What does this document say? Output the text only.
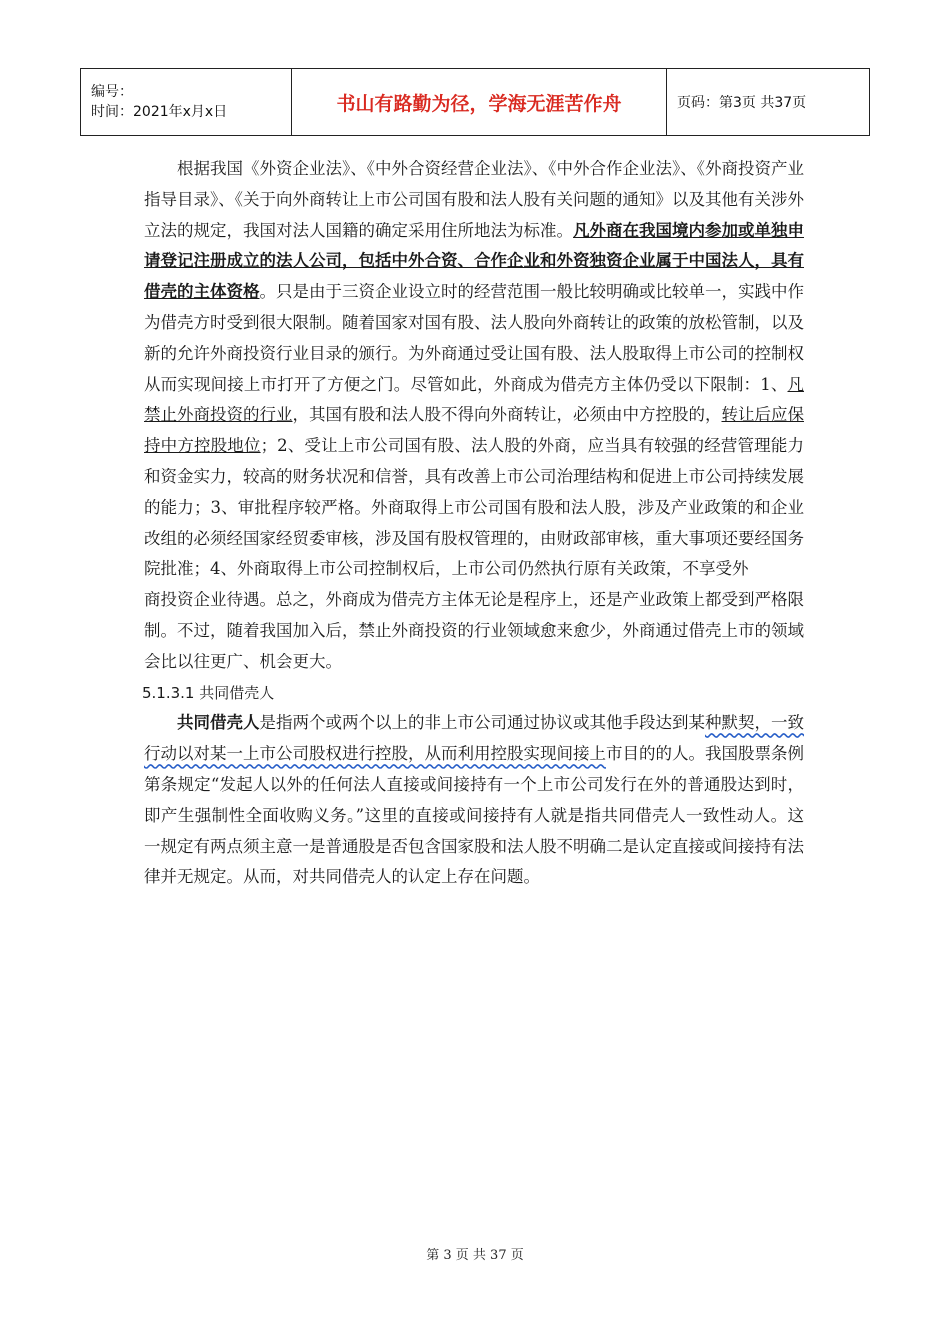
编号：
时间：2021年x月x日	书山有路勤为径，学海无涯苦作舟	页码：第3页 共37页

根据我国《外资企业法》、《中外合资经营企业法》、《中外合作企业法》、《外商投资产业指导目录》、《关于向外商转让上市公司国有股和法人股有关问题的通知》以及其他有关涉外立法的规定，我国对法人国籍的确定采用住所地法为标准。凡外商在我国境内参加或单独申请登记注册成立的法人公司，包括中外合资、合作企业和外资独资企业属于中国法人，具有借壳的主体资格。只是由于三资企业设立时的经营范围一般比较明确或比较单一，实践中作为借壳方时受到很大限制。随着国家对国有股、法人股向外商转让的政策的放松管制，以及新的允许外商投资行业目录的颁行。为外商通过受让国有股、法人股取得上市公司的控制权从而实现间接上市打开了方便之门。尽管如此，外商成为借壳方主体仍受以下限制：1、凡禁止外商投资的行业，其国有股和法人股不得向外商转让，必须由中方控股的，转让后应保持中方控股地位；2、受让上市公司国有股、法人股的外商，应当具有较强的经营管理能力和资金实力，较高的财务状况和信誉，具有改善上市公司治理结构和促进上市公司持续发展的能力；3、审批程序较严格。外商取得上市公司国有股和法人股，涉及产业政策的和企业改组的必须经国家经贸委审核，涉及国有股权管理的，由财政部审核，重大事项还要经国务院批准；4、外商取得上市公司控制权后，上市公司仍然执行原有关政策，不享受外

商投资企业待遇。总之，外商成为借壳方主体无论是程序上，还是产业政策上都受到严格限制。不过，随着我国加入后，禁止外商投资的行业领域愈来愈少，外商通过借壳上市的领域会比以往更广、机会更大。

5.1.3.1 共同借壳人

共同借壳人是指两个或两个以上的非上市公司通过协议或其他手段达到某种默契，一致行动以对某一上市公司股权进行控股，从而利用控股实现间接上市目的的人。我国股票条例第条规定“发起人以外的任何法人直接或间接持有一个上市公司发行在外的普通股达到时，即产生强制性全面收购义务。”这里的直接或间接持有人就是指共同借壳人一致性动人。这一规定有两点须主意一是普通股是否包含国家股和法人股不明确二是认定直接或间接持有法律并无规定。从而，对共同借壳人的认定上存在问题。

第 3 页 共 37 页
